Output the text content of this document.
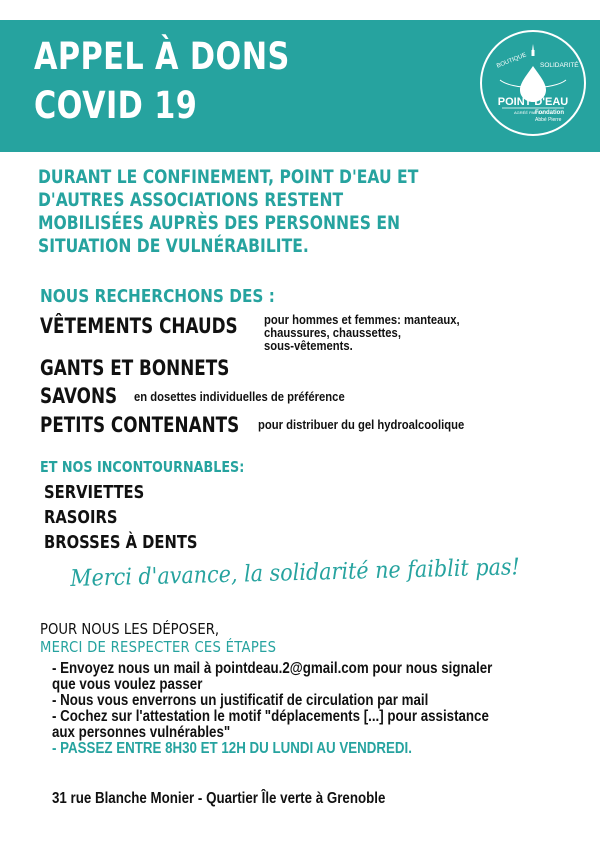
APPEL À DONS
COVID 19
BOUTIQUE SOLIDARITÉ
POINT D'EAU
AGRÉÉ PAR LA
Fondation
Abbé Pierre
DURANT LE CONFINEMENT, POINT D'EAU ET
D'AUTRES ASSOCIATIONS RESTENT
MOBILISÉES AUPRÈS DES PERSONNES EN
SITUATION DE VULNÉRABILITE.
NOUS RECHERCHONS DES :
VÊTEMENTS CHAUDS pour hommes et femmes: manteaux,
chaussures, chaussettes,
sous-vêtements.
GANTS ET BONNETS
SAVONS en dosettes individuelles de préférence
PETITS CONTENANTS pour distribuer du gel hydroalcoolique
ET NOS INCONTOURNABLES:
SERVIETTES
RASOIRS
BROSSES À DENTS
Merci d'avance, la solidarité ne faiblit pas!
POUR NOUS LES DÉPOSER,
MERCI DE RESPECTER CES ÉTAPES
- Envoyez nous un mail à pointdeau.2@gmail.com pour nous signaler
que vous voulez passer
- Nous vous enverrons un justificatif de circulation par mail
- Cochez sur l'attestation le motif "déplacements [...] pour assistance
aux personnes vulnérables"
- PASSEZ ENTRE 8H30 ET 12H DU LUNDI AU VENDREDI.
31 rue Blanche Monier - Quartier Île verte à Grenoble
